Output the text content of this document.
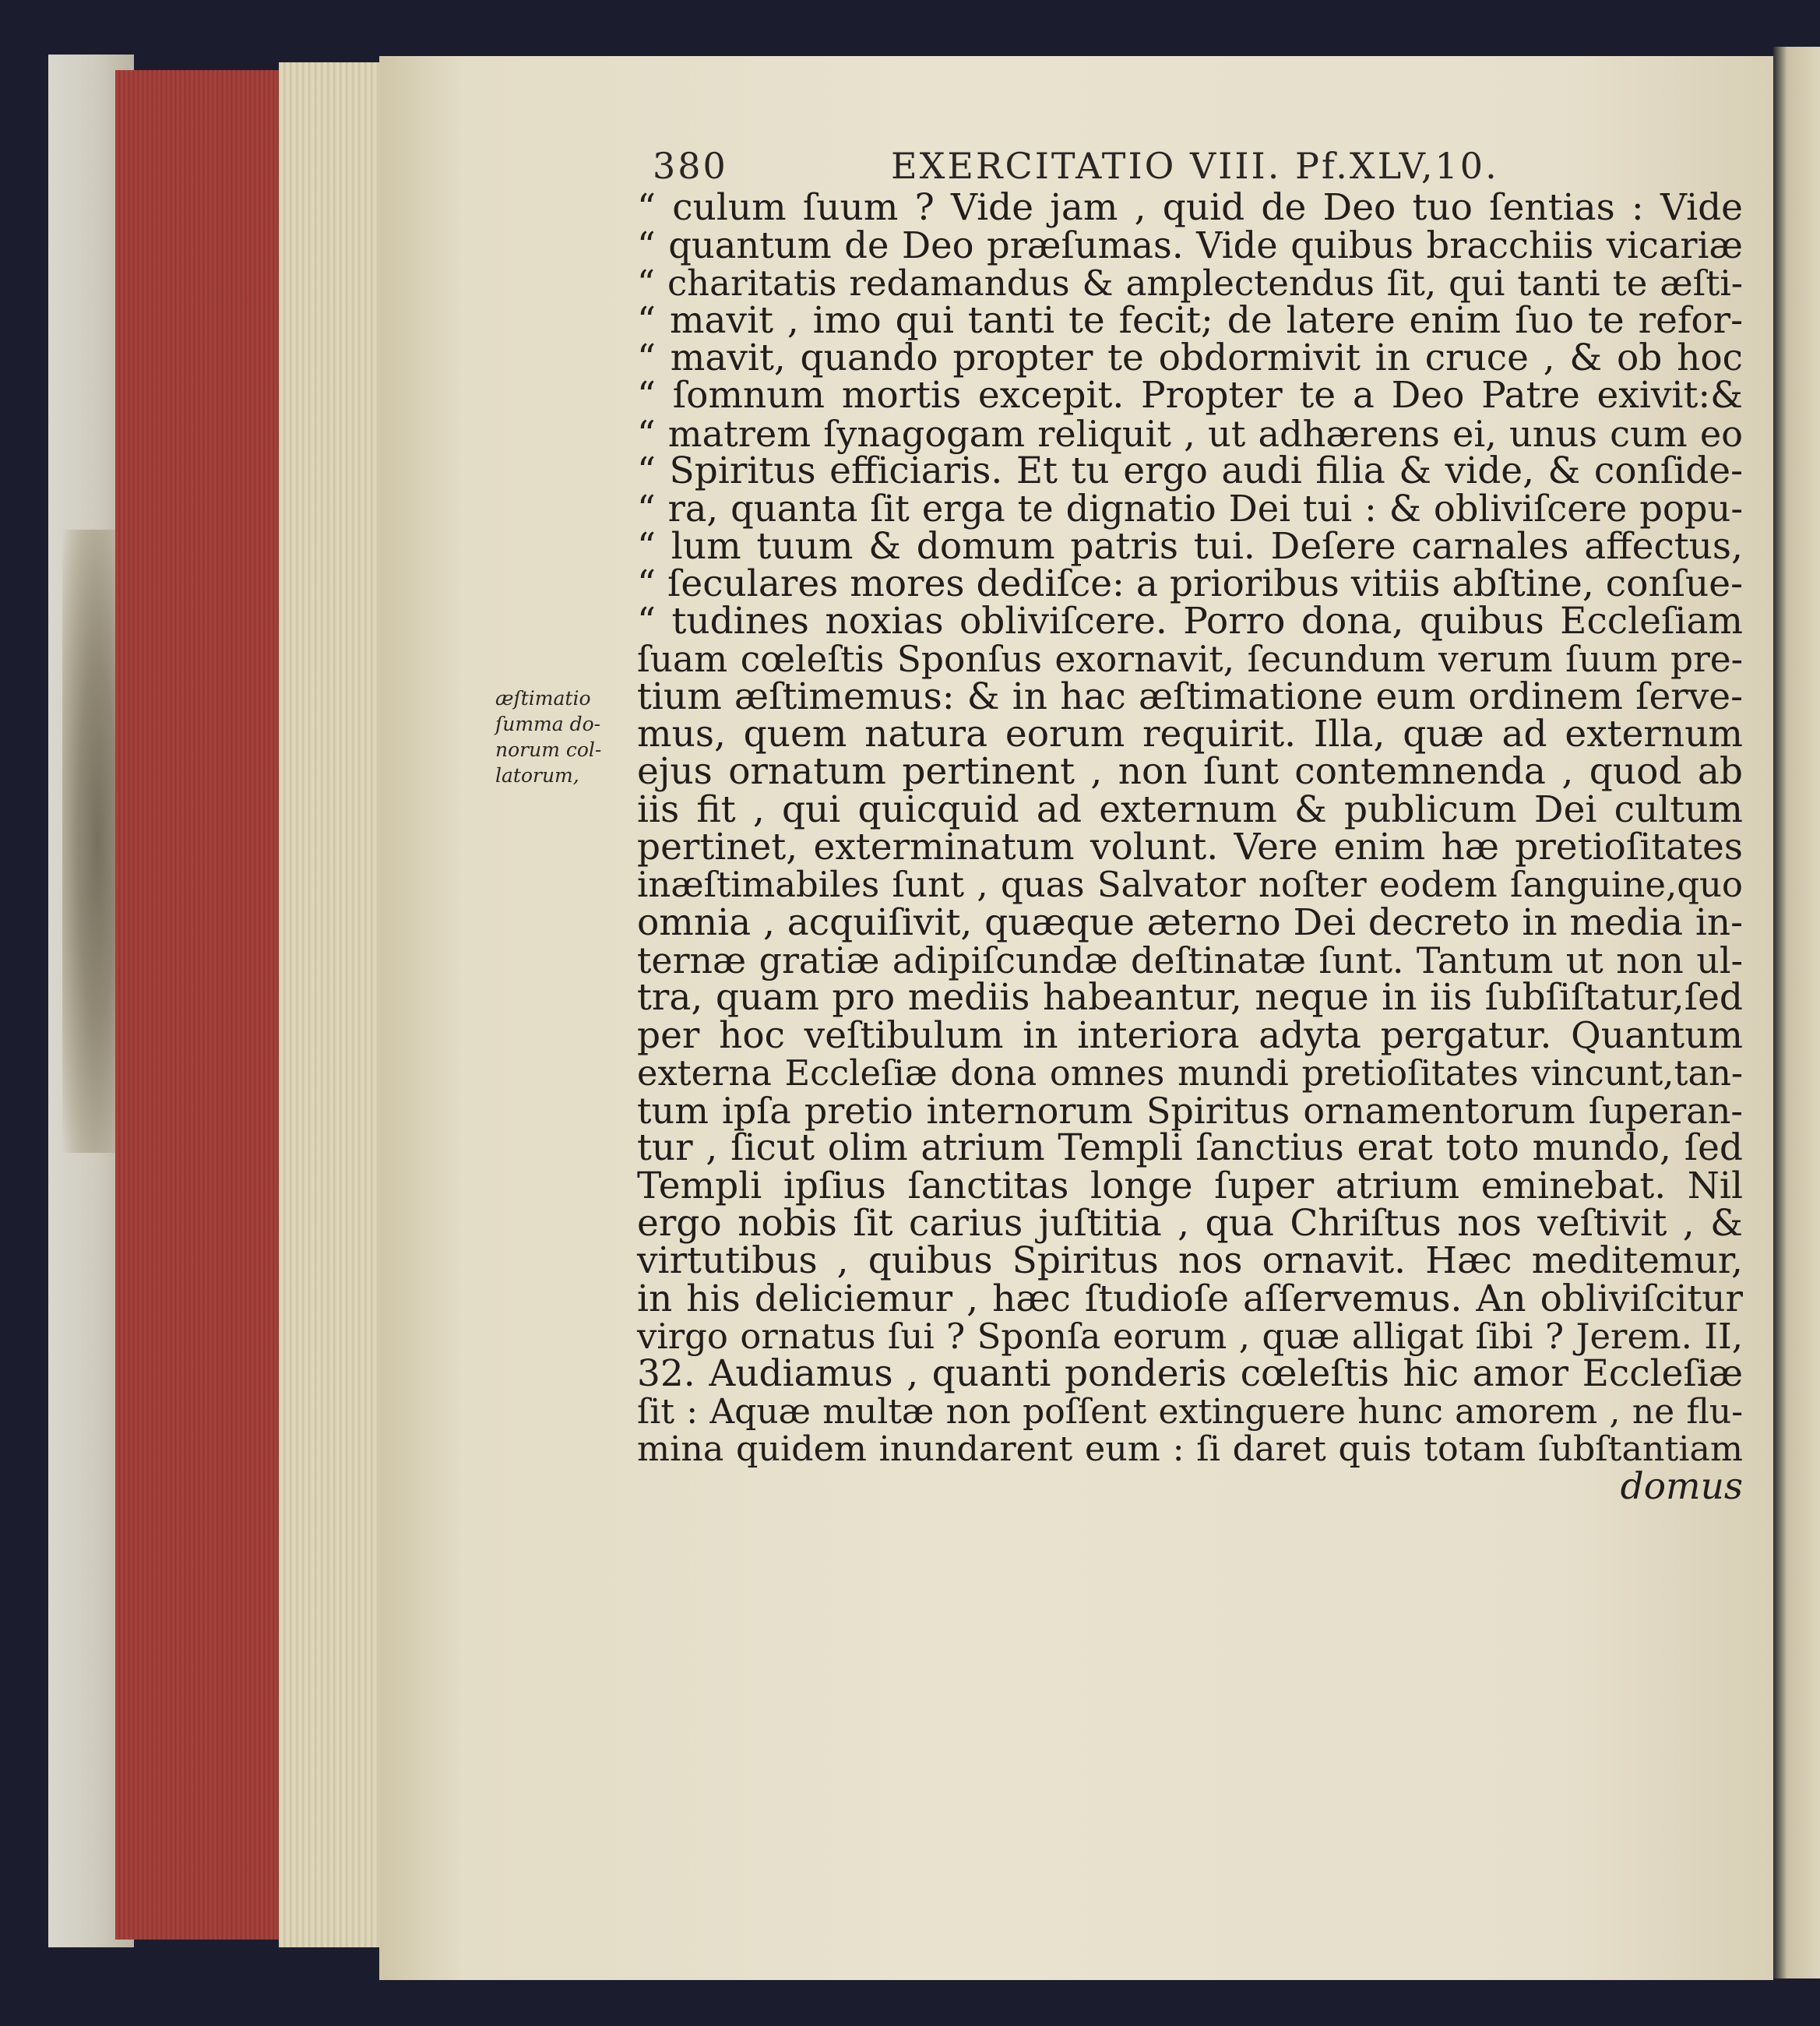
380	EXERCITATIO VIII. Pf.XLV,10.
æſtimatio
ſumma do-
norum col-
latorum,
“ culum ſuum ? Vide jam , quid de Deo tuo ſentias : Vide
“ quantum de Deo præſumas. Vide quibus bracchiis vicariæ
“ charitatis redamandus & amplectendus ſit, qui tanti te æſti-
“ mavit , imo qui tanti te fecit; de latere enim ſuo te refor-
“ mavit, quando propter te obdormivit in cruce , & ob hoc
“ ſomnum mortis excepit. Propter te a Deo Patre exivit:&
“ matrem ſynagogam reliquit , ut adhærens ei, unus cum eo
“ Spiritus efficiaris. Et tu ergo audi filia & vide, & conſide-
“ ra, quanta ſit erga te dignatio Dei tui : & obliviſcere popu-
“ lum tuum & domum patris tui. Deſere carnales affectus,
“ ſeculares mores dediſce: a prioribus vitiis abſtine, conſue-
“ tudines noxias obliviſcere. Porro dona, quibus Eccleſiam
ſuam cœleſtis Sponſus exornavit, ſecundum verum ſuum pre-
tium æſtimemus: & in hac æſtimatione eum ordinem ſerve-
mus, quem natura eorum requirit. Illa, quæ ad externum
ejus ornatum pertinent , non ſunt contemnenda , quod ab
iis fit , qui quicquid ad externum & publicum Dei cultum
pertinet, exterminatum volunt. Vere enim hæ pretioſitates
inæſtimabiles ſunt , quas Salvator noſter eodem ſanguine,quo
omnia , acquiſivit, quæque æterno Dei decreto in media in-
ternæ gratiæ adipiſcundæ deſtinatæ ſunt. Tantum ut non ul-
tra, quam pro mediis habeantur, neque in iis ſubſiſtatur,ſed
per hoc veſtibulum in interiora adyta pergatur. Quantum
externa Eccleſiæ dona omnes mundi pretioſitates vincunt,tan-
tum ipſa pretio internorum Spiritus ornamentorum ſuperan-
tur , ſicut olim atrium Templi ſanctius erat toto mundo, ſed
Templi ipſius ſanctitas longe ſuper atrium eminebat. Nil
ergo nobis ſit carius juſtitia , qua Chriſtus nos veſtivit , &
virtutibus , quibus Spiritus nos ornavit. Hæc meditemur,
in his deliciemur , hæc ſtudioſe aſſervemus. An obliviſcitur
virgo ornatus ſui ? Sponſa eorum , quæ alligat ſibi ? Jerem. II,
32. Audiamus , quanti ponderis cœleſtis hic amor Eccleſiæ
ſit : Aquæ multæ non poſſent extinguere hunc amorem , ne flu-
mina quidem inundarent eum : ſi daret quis totam ſubſtantiam
domus
